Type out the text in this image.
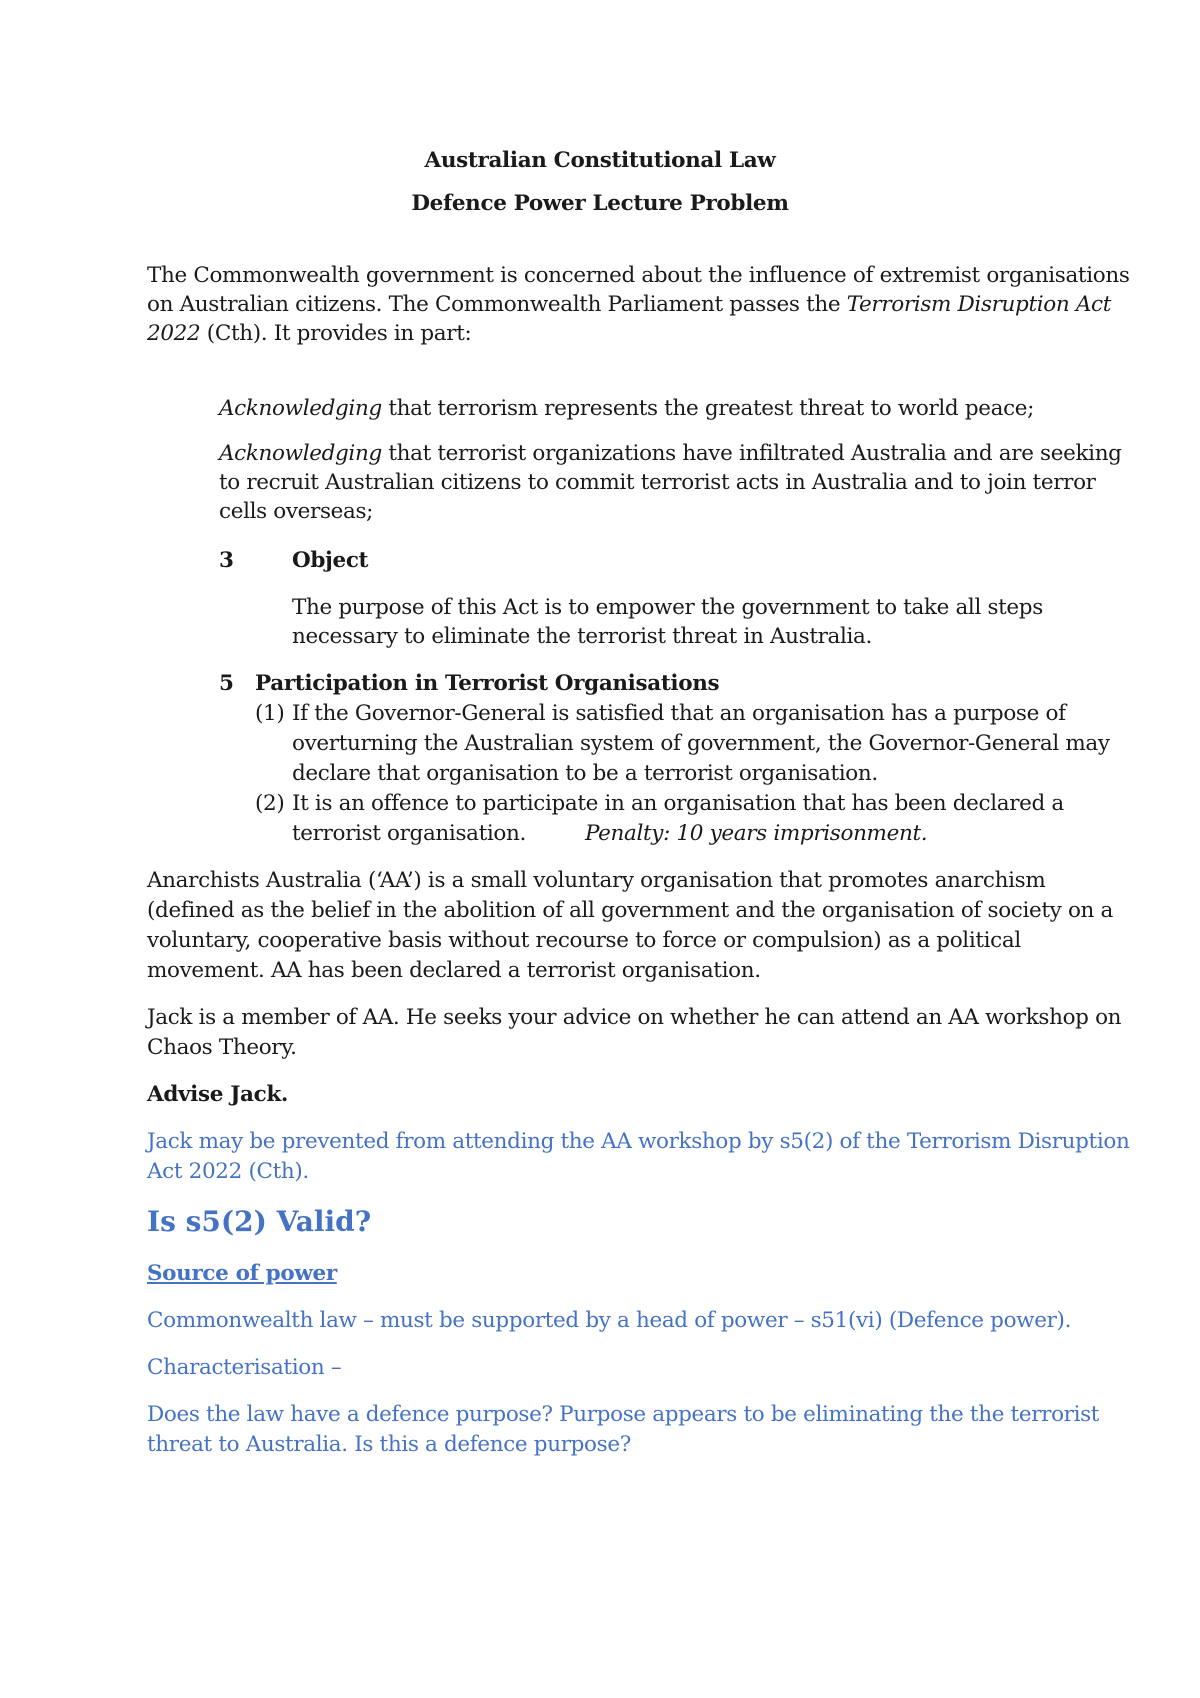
Australian Constitutional Law
Defence Power Lecture Problem
The Commonwealth government is concerned about the influence of extremist organisations
on Australian citizens. The Commonwealth Parliament passes the Terrorism Disruption Act
2022 (Cth). It provides in part:
Acknowledging that terrorism represents the greatest threat to world peace;
Acknowledging that terrorist organizations have infiltrated Australia and are seeking
to recruit Australian citizens to commit terrorist acts in Australia and to join terror
cells overseas;
3	Object
The purpose of this Act is to empower the government to take all steps
necessary to eliminate the terrorist threat in Australia.
5 Participation in Terrorist Organisations
(1) If the Governor-General is satisfied that an organisation has a purpose of
overturning the Australian system of government, the Governor-General may
declare that organisation to be a terrorist organisation.
(2) It is an offence to participate in an organisation that has been declared a
terrorist organisation.	Penalty: 10 years imprisonment.
Anarchists Australia (‘AA’) is a small voluntary organisation that promotes anarchism
(defined as the belief in the abolition of all government and the organisation of society on a
voluntary, cooperative basis without recourse to force or compulsion) as a political
movement. AA has been declared a terrorist organisation.
Jack is a member of AA. He seeks your advice on whether he can attend an AA workshop on
Chaos Theory.
Advise Jack.
Jack may be prevented from attending the AA workshop by s5(2) of the Terrorism Disruption
Act 2022 (Cth).
Is s5(2) Valid?
Source of power
Commonwealth law – must be supported by a head of power – s51(vi) (Defence power).
Characterisation –
Does the law have a defence purpose? Purpose appears to be eliminating the the terrorist
threat to Australia. Is this a defence purpose?
